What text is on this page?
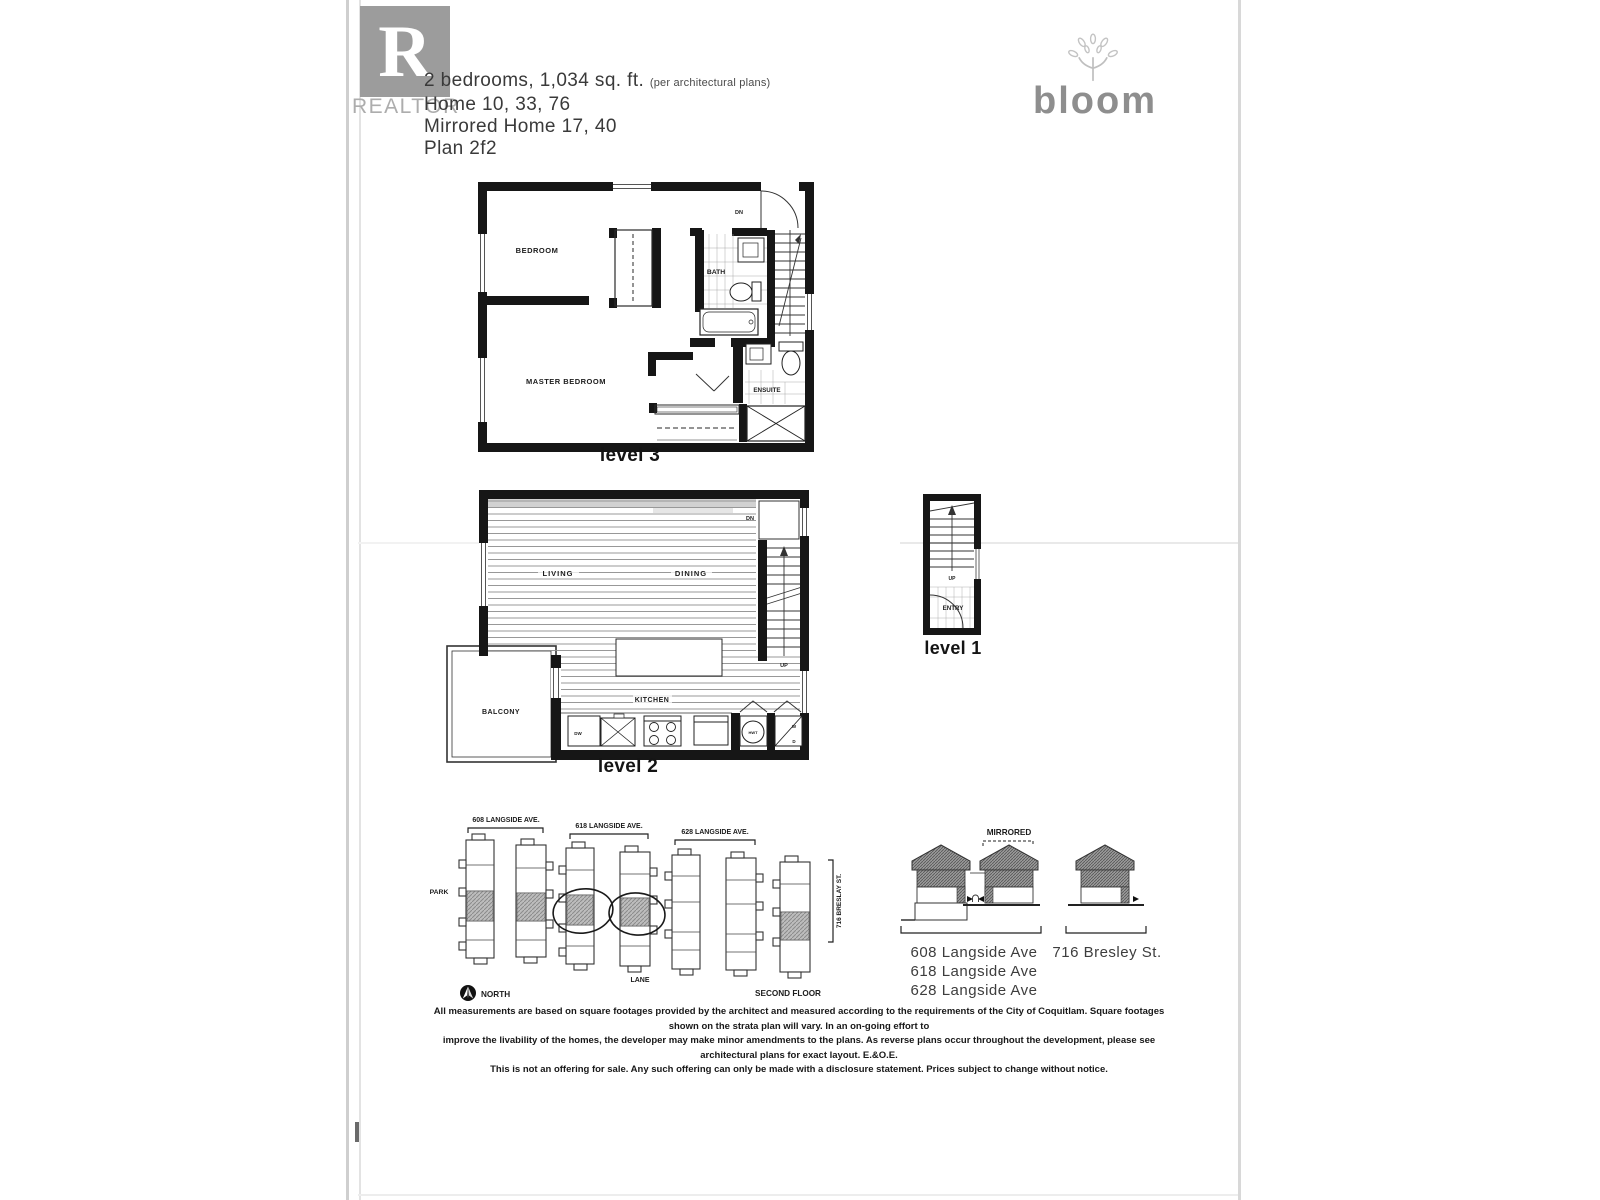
R
REALTOR
2 bedrooms, 1,034 sq. ft. (per architectural plans)
Home 10, 33, 76
Mirrored Home 17, 40
Plan 2f2
bloom
BEDROOM
MASTER BEDROOM
BATH
ENSUITE
DN
level 3
LIVING	DINING
KITCHEN
BALCONY
DN
UP
DW	HWT
W
D
level 2
UP
ENTRY
level 1
608 LANGSIDE AVE.
618 LANGSIDE AVE.
628 LANGSIDE AVE.
716 BRESLAY ST.
PARK
LANE
NORTH	SECOND FLOOR
MIRRORED
608 Langside Ave
618 Langside Ave
628 Langside Ave
716 Bresley St.
All measurements are based on square footages provided by the architect and measured according to the requirements of the City of Coquitlam. Square footages shown on the strata plan will vary. In an on-going effort to
improve the livability of the homes, the developer may make minor amendments to the plans. As reverse plans occur throughout the development, please see architectural plans for exact layout. E.&O.E.
This is not an offering for sale. Any such offering can only be made with a disclosure statement. Prices subject to change without notice.
